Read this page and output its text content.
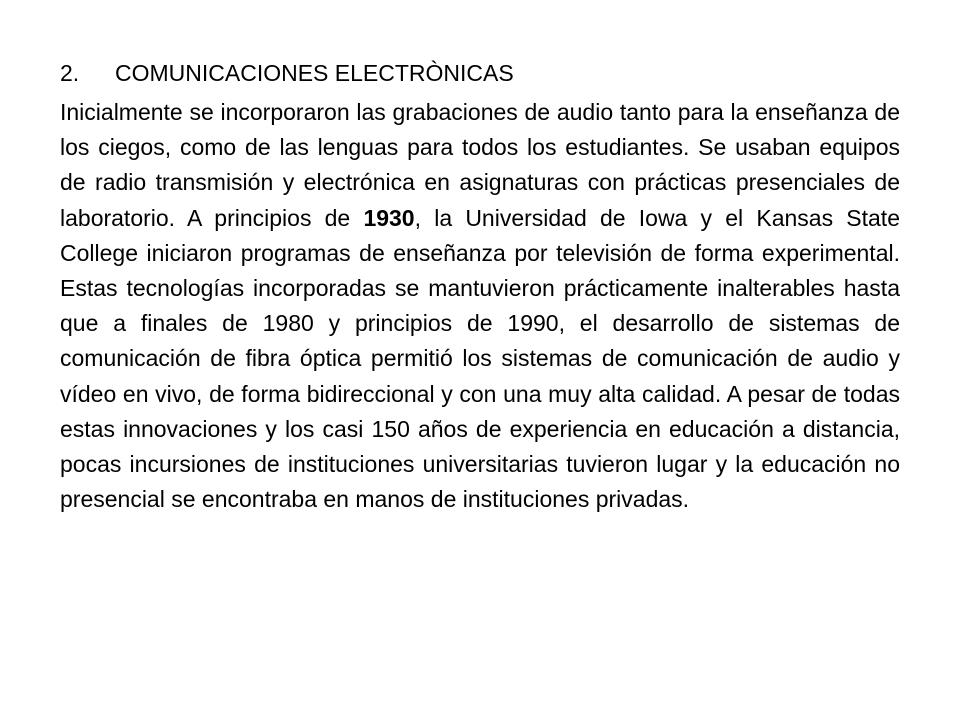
2.	COMUNICACIONES ELECTRÒNICAS

Inicialmente se incorporaron las grabaciones de audio tanto para la enseñanza de los ciegos, como de las lenguas para todos los estudiantes. Se usaban equipos de radio transmisión y electrónica en asignaturas con prácticas presenciales de laboratorio. A principios de 1930, la Universidad de Iowa y el Kansas State College iniciaron programas de enseñanza por televisión de forma experimental. Estas tecnologías incorporadas se mantuvieron prácticamente inalterables hasta que a finales de 1980 y principios de 1990, el desarrollo de sistemas de comunicación de fibra óptica permitió los sistemas de comunicación de audio y vídeo en vivo, de forma bidireccional y con una muy alta calidad. A pesar de todas estas innovaciones y los casi 150 años de experiencia en educación a distancia, pocas incursiones de instituciones universitarias tuvieron lugar y la educación no presencial se encontraba en manos de instituciones privadas.
